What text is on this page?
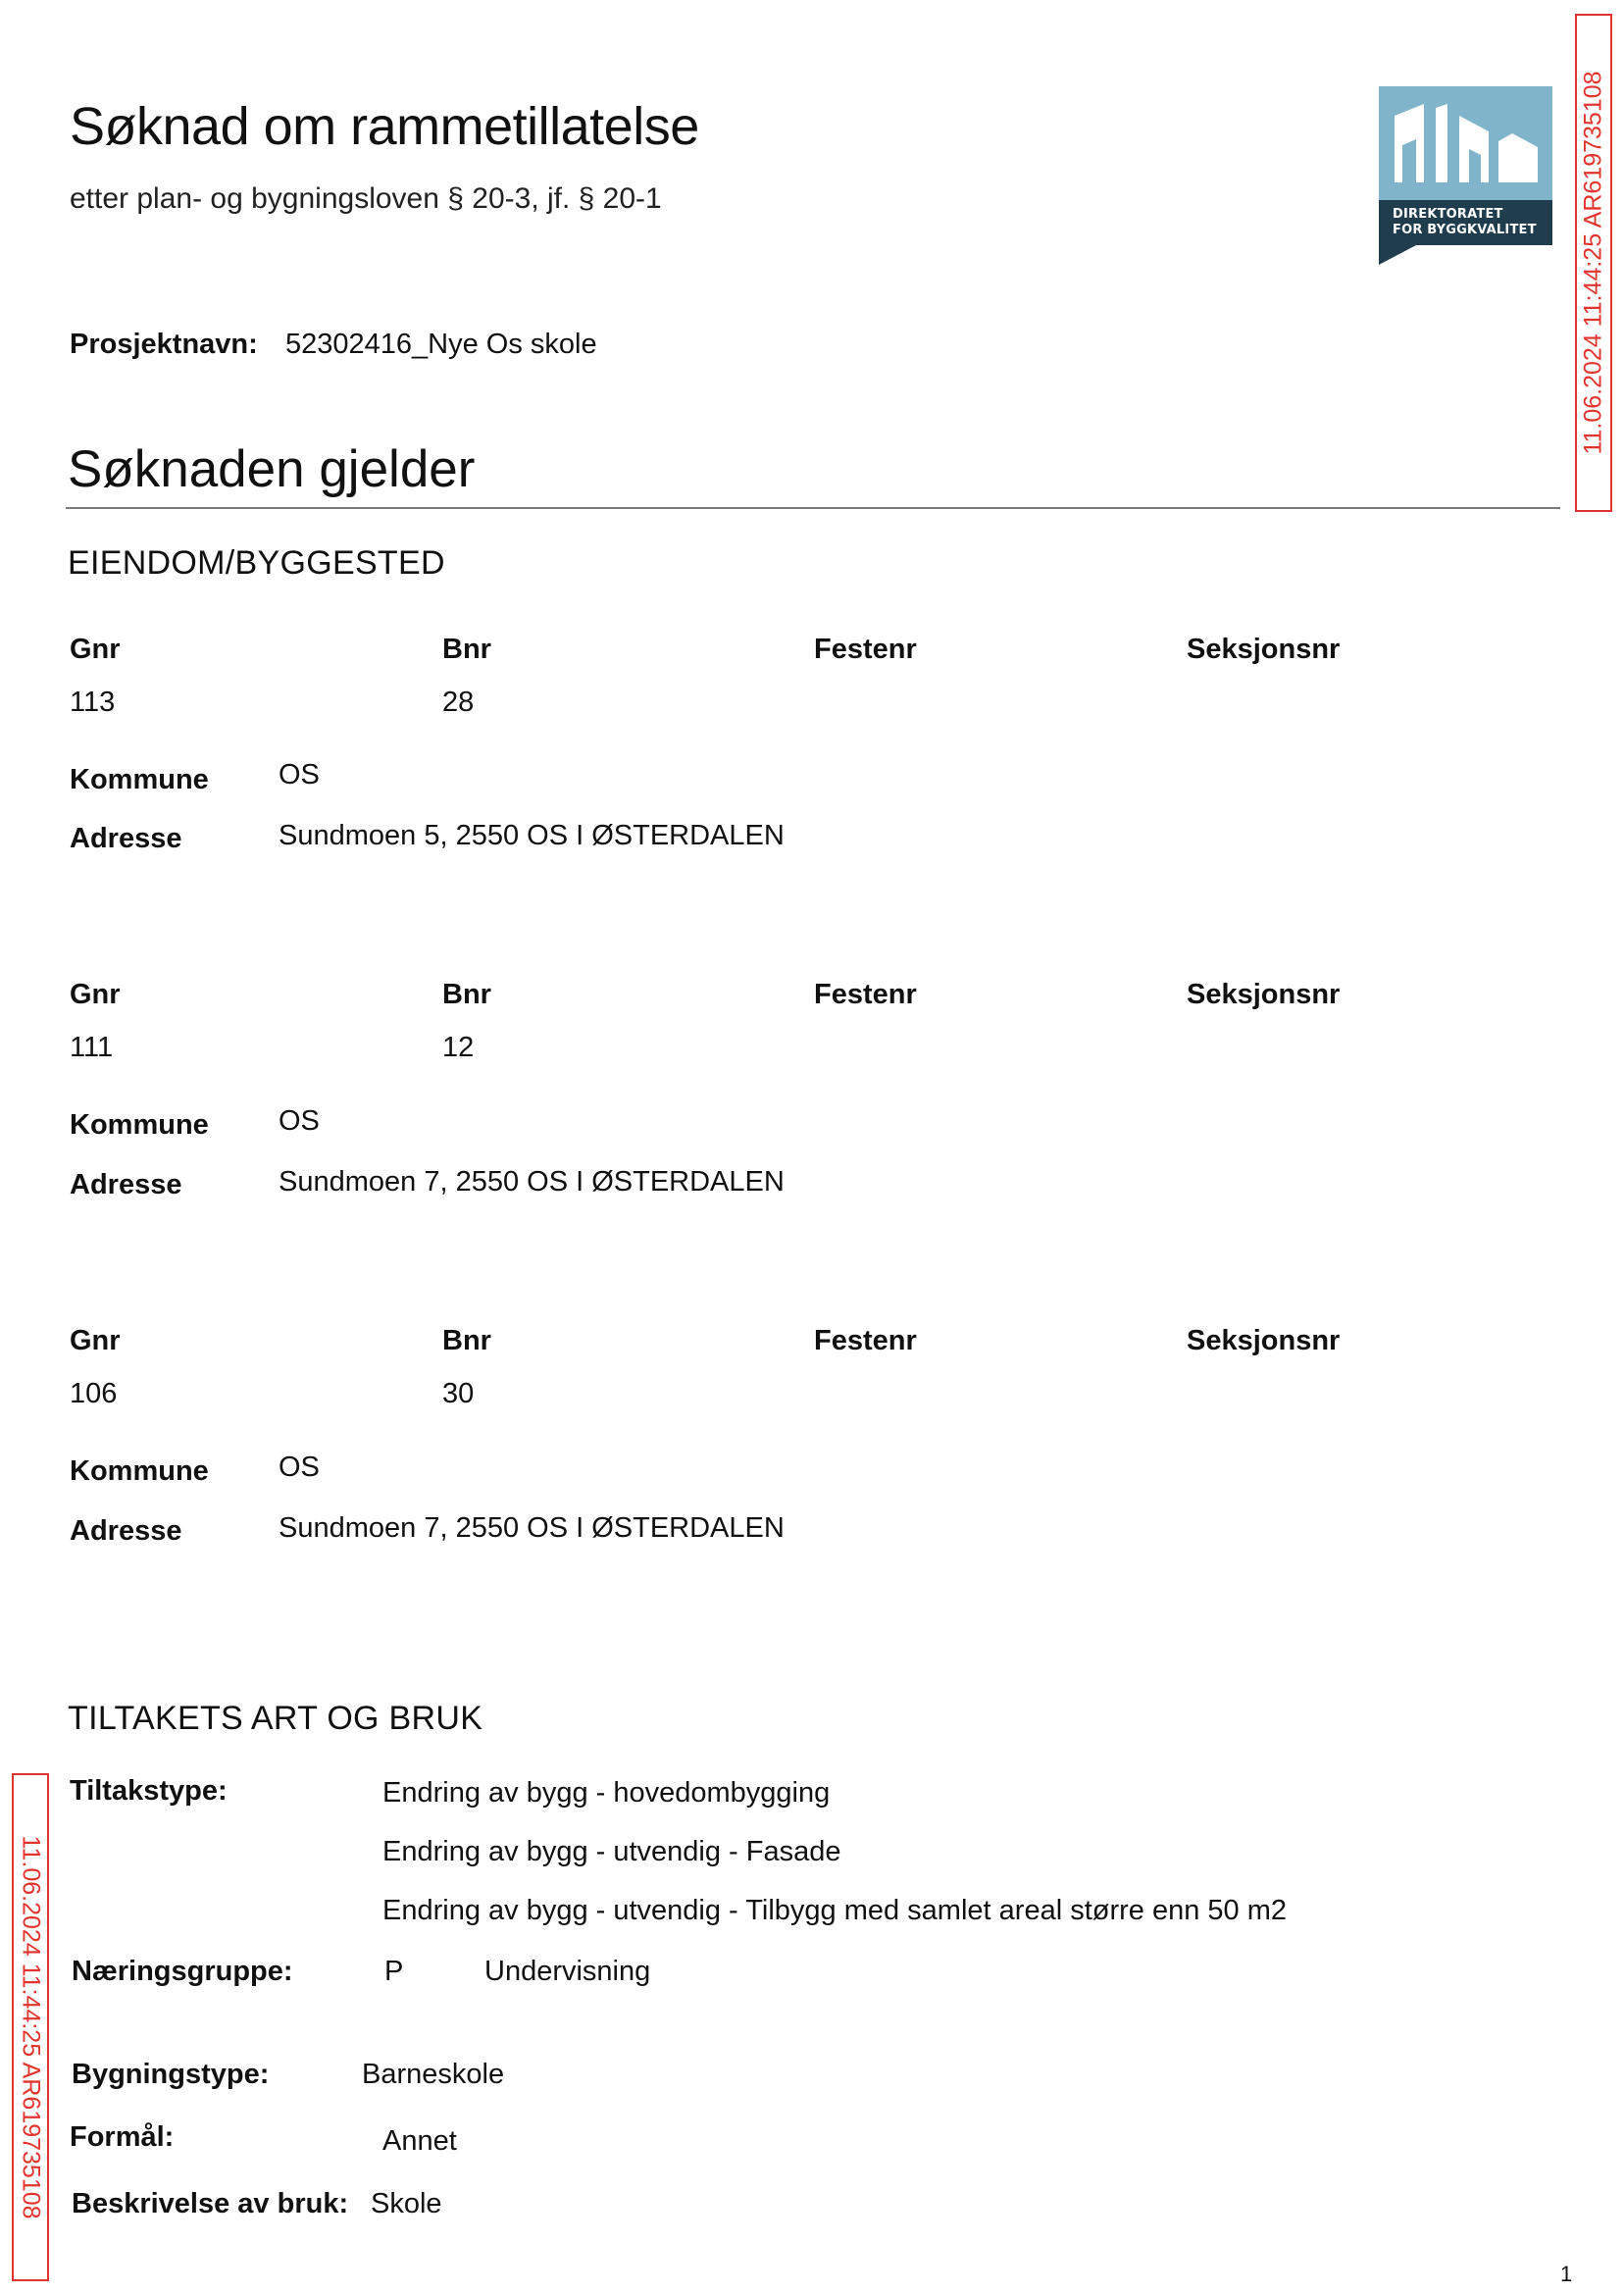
Søknad om rammetillatelse
etter plan- og bygningsloven § 20-3, jf. § 20-1	DIREKTORATET
FOR BYGGKVALITET
Prosjektnavn: 52302416_Nye Os skole
Søknaden gjelder
EIENDOM/BYGGESTED
Gnr	Bnr	Festenr	Seksjonsnr
113	28
Kommune OS
Adresse	Sundmoen 5, 2550 OS I ØSTERDALEN
Gnr	Bnr	Festenr	Seksjonsnr
111	12
Kommune OS
Adresse	Sundmoen 7, 2550 OS I ØSTERDALEN
Gnr	Bnr	Festenr	Seksjonsnr
106	30
Kommune OS
Adresse	Sundmoen 7, 2550 OS I ØSTERDALEN
TILTAKETS ART OG BRUK
Tiltakstype:	Endring av bygg - hovedombygging
Endring av bygg - utvendig - Fasade
Endring av bygg - utvendig - Tilbygg med samlet areal større enn 50 m2
Næringsgruppe:	P	Undervisning
Bygningstype:	Barneskole
Formål:	Annet
Beskrivelse av bruk: Skole
11.06.2024 11:44:25 AR619735108
11.06.2024 11:44:25 AR619735108
1
